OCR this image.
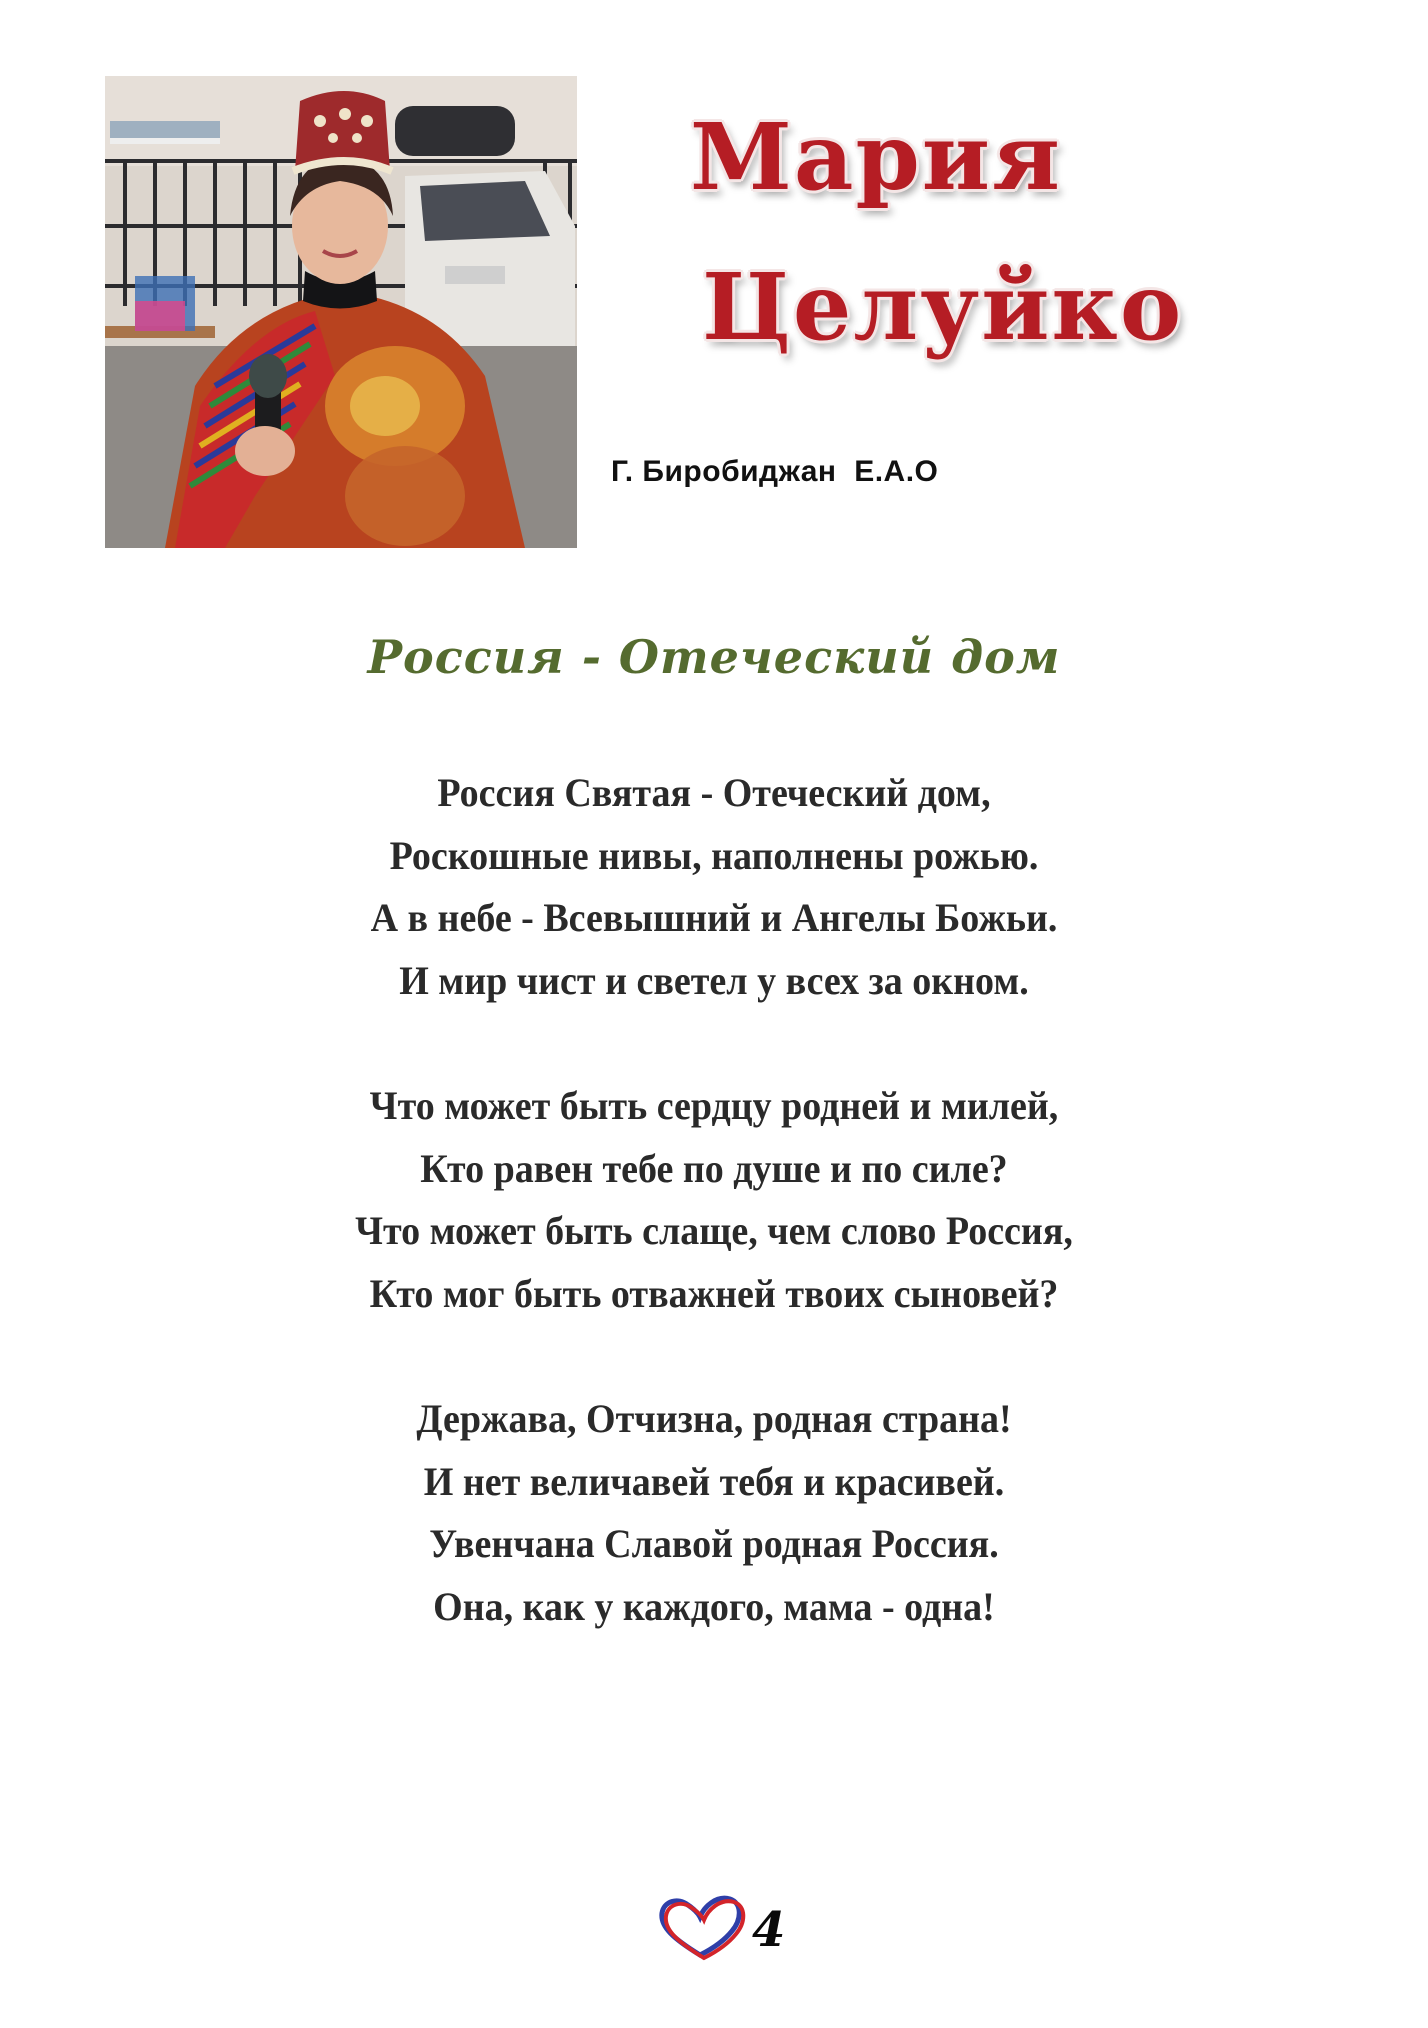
Мария
Целуйко
Г. Биробиджан  Е.А.О
Россия - Отеческий дом
Россия Святая - Отеческий дом,
Роскошные нивы, наполнены рожью.
А в небе - Всевышний и Ангелы Божьи.
И мир чист и светел у всех за окном.
Что может быть сердцу родней и милей,
Кто равен тебе по душе и по силе?
Что может быть слаще, чем слово Россия,
Кто мог быть отважней твоих сыновей?
Держава, Отчизна, родная страна!
И нет величавей тебя и красивей.
Увенчана Славой родная Россия.
Она, как у каждого, мама - одна!
4
